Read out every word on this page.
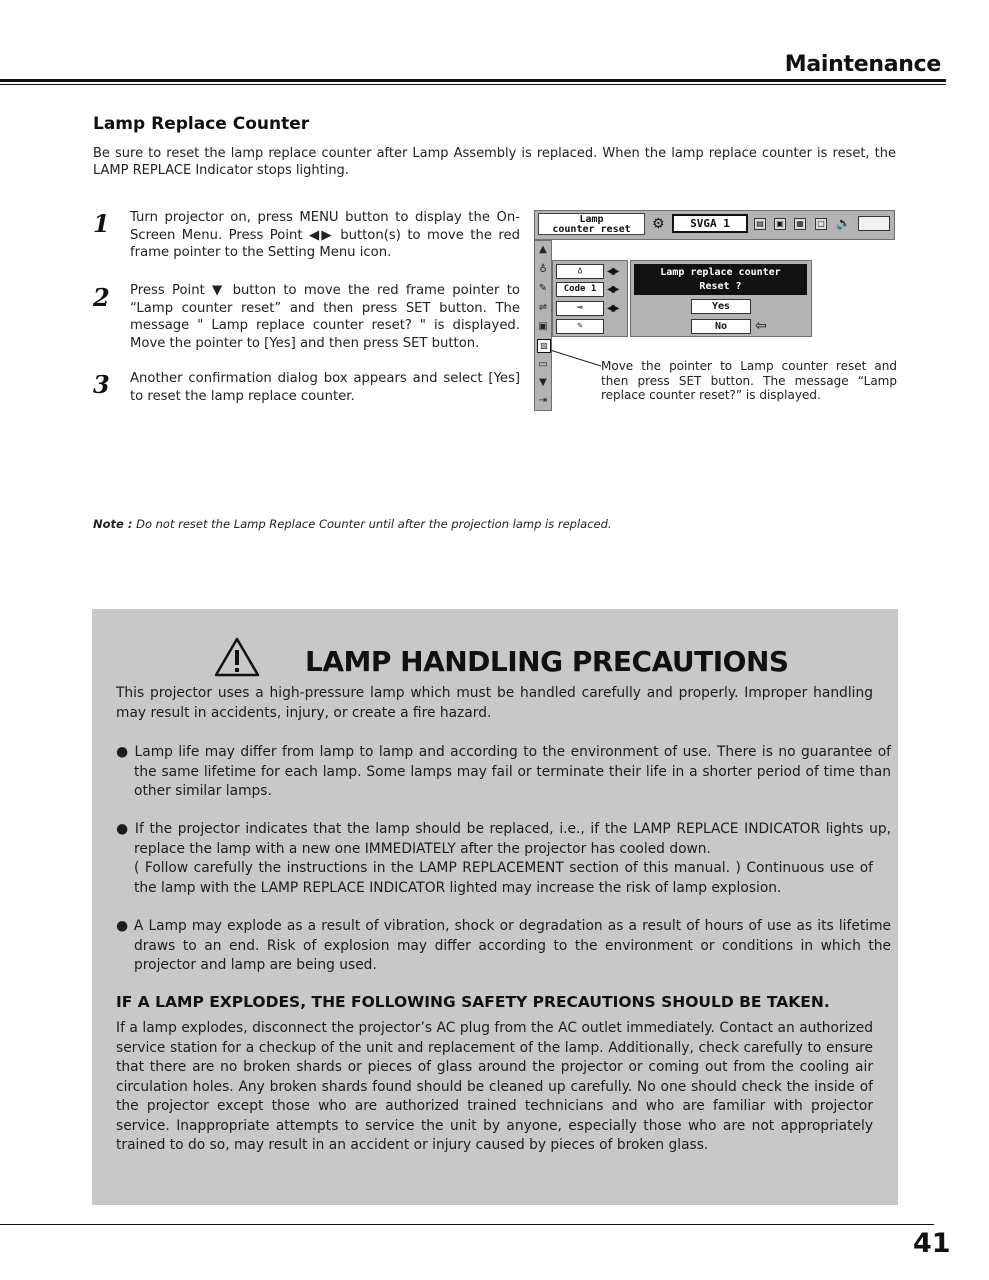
Maintenance
Lamp Replace Counter
Be sure to reset the lamp replace counter after Lamp Assembly is replaced. When the lamp replace counter is reset, the LAMP REPLACE Indicator stops lighting.
1 Turn projector on, press MENU button to display the On-Screen Menu. Press Point ◀▶ button(s) to move the red frame pointer to the Setting Menu icon.
2 Press Point ▼ button to move the red frame pointer to “Lamp counter reset” and then press SET button. The message " Lamp replace counter reset? " is displayed. Move the pointer to [Yes] and then press SET button.
3 Another confirmation dialog box appears and select [Yes] to reset the lamp replace counter.
Lamp
counter reset	⚙	SVGA 1	▤ ▣ ▦ □ 🔊
▲
♁
✎
⇌
▣
▨
▭
▼
⇥
♁	◀▶
Code 1	◀▶
⊸	◀▶
✎
Lamp replace counter
Reset ?
Yes
No	⇦
Move the pointer to Lamp counter reset and then press SET button. The message “Lamp replace counter reset?” is displayed.
Note : Do not reset the Lamp Replace Counter until after the projection lamp is replaced.
LAMP HANDLING PRECAUTIONS
This projector uses a high-pressure lamp which must be handled carefully and properly. Improper handling may result in accidents, injury, or create a fire hazard.
● Lamp life may differ from lamp to lamp and according to the environment of use. There is no guarantee of the same lifetime for each lamp. Some lamps may fail or terminate their life in a shorter period of time than other similar lamps.
● If the projector indicates that the lamp should be replaced, i.e., if the LAMP REPLACE INDICATOR lights up, replace the lamp with a new one IMMEDIATELY after the projector has cooled down.
( Follow carefully the instructions in the LAMP REPLACEMENT section of this manual. ) Continuous use of the lamp with the LAMP REPLACE INDICATOR lighted may increase the risk of lamp explosion.
● A Lamp may explode as a result of vibration, shock or degradation as a result of hours of use as its lifetime draws to an end. Risk of explosion may differ according to the environment or conditions in which the projector and lamp are being used.
IF A LAMP EXPLODES, THE FOLLOWING SAFETY PRECAUTIONS SHOULD BE TAKEN.
If a lamp explodes, disconnect the projector’s AC plug from the AC outlet immediately. Contact an authorized service station for a checkup of the unit and replacement of the lamp. Additionally, check carefully to ensure that there are no broken shards or pieces of glass around the projector or coming out from the cooling air circulation holes. Any broken shards found should be cleaned up carefully. No one should check the inside of the projector except those who are authorized trained technicians and who are familiar with projector service. Inappropriate attempts to service the unit by anyone, especially those who are not appropriately trained to do so, may result in an accident or injury caused by pieces of broken glass.
41
